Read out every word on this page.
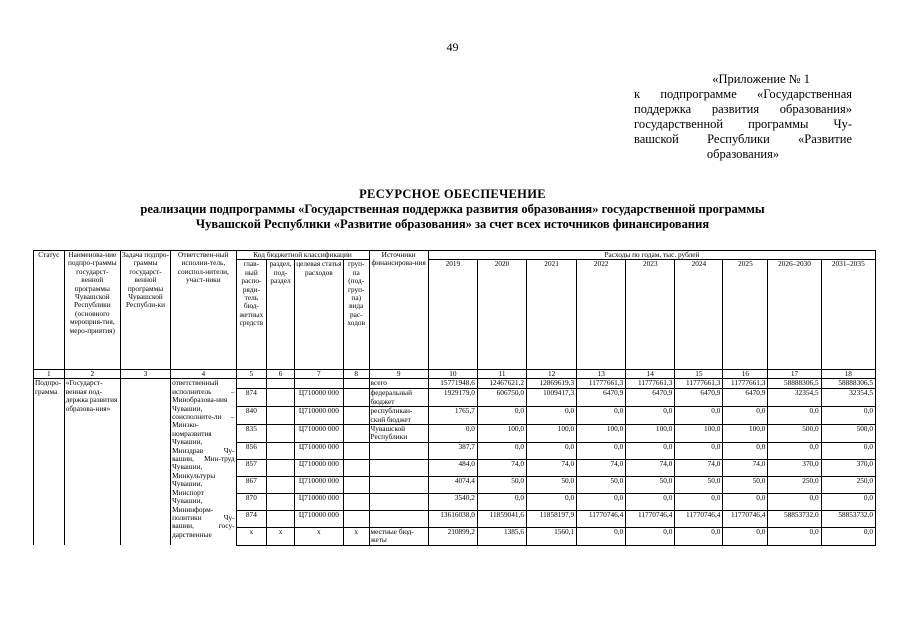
49
«Приложение № 1
к подпрограмме «Государственная
поддержка развития образования»
государственной программы Чу-
вашской Республики «Развитие
образования»
РЕСУРСНОЕ ОБЕСПЕЧЕНИЕ
реализации подпрограммы «Государственная поддержка развития образования» государственной программы
Чувашской Республики «Развитие образования» за счет всех источников финансирования
Статус	Наименова-ние подпро-граммы государст-венной программы Чувашской Республики (основного мероприя-тия, меро-приятия)	Задача подпро-граммы государст-венной программы Чувашской Республи-ки	Ответствен-ный исполни-тель, соиспол-нители, участ-ники	Код бюджетной классификации				Источники финансирова-ния	Расходы по годам, тыс. рублей								
				глав-ный распо-ряди-тель бюд-жетных средств	раздел, под-раздел	целевая статья расходов	груп-па (под-груп-па) вида рас-ходов		2019	2020	2021	2022	2023	2024	2025	2026–2030	2031–2035
1	2	3	4	5	6	7	8	9	10	11	12	13	14	15	16	17	18
Подпро-грамма	«Государст-венная под-держка развития образова-ния»		ответственный исполнитель – Минобразова-ния Чувашии, соисполните-ли – Минэко-номразвития Чувашии, Минздрав Чу-вашии, Мин-труд Чувашии, Минкультуры Чувашии, Минспорт Чувашии, Мининформ-политики Чу-вашии, госу-дарственные					всего	15771948,6	12467621,2	12869619,3	11777661,3	11777661,3	11777661,3	11777661,3	58888306,5	58888306,5
				874		Ц710000 000		федеральный бюджет	1929179,0	606750,0	1009417,3	6470,9	6470,9	6470,9	6470,9	32354,5	32354,5
				840		Ц710000 000		республикан-ский бюджет	1765,7	0,0	0,0	0,0	0,0	0,0	0,0	0,0	0,0
				835		Ц710000 000		Чувашской Республики	0,0	100,0	100,0	100,0	100,0	100,0	100,0	500,0	500,0
				856		Ц710000 000			387,7	0,0	0,0	0,0	0,0	0,0	0,0	0,0	0,0
				857		Ц710000 000			484,0	74,0	74,0	74,0	74,0	74,0	74,0	370,0	370,0
				867		Ц710000 000			4074,4	50,0	50,0	50,0	50,0	50,0	50,0	250,0	250,0
				870		Ц710000 000			3540,2	0,0	0,0	0,0	0,0	0,0	0,0	0,0	0,0
				874		Ц710000 000			13616038,0	11859041,6	11858197,9	11770746,4	11770746,4	11770746,4	11770746,4	58853732,0	58853732,0
				x	x	x	x	местные бюд-жеты	210899,2	1385,6	1560,1	0,0	0,0	0,0	0,0	0,0	0,0
